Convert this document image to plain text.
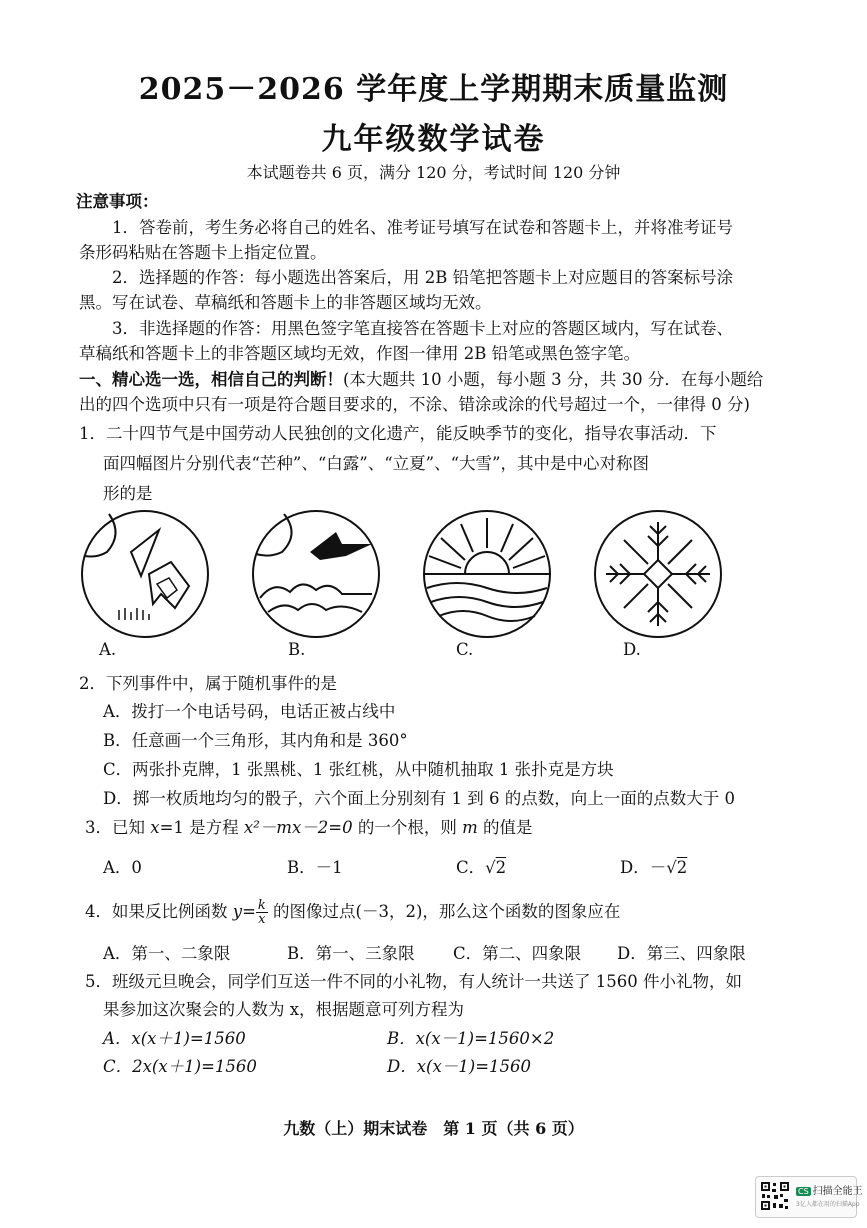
2025－2026 学年度上学期期末质量监测
九年级数学试卷
本试题卷共 6 页，满分 120 分，考试时间 120 分钟
注意事项：
1．答卷前，考生务必将自己的姓名、准考证号填写在试卷和答题卡上，并将准考证号
条形码粘贴在答题卡上指定位置。
2．选择题的作答：每小题选出答案后，用 2B 铅笔把答题卡上对应题目的答案标号涂
黑。写在试卷、草稿纸和答题卡上的非答题区域均无效。
3．非选择题的作答：用黑色签字笔直接答在答题卡上对应的答题区域内，写在试卷、
草稿纸和答题卡上的非答题区域均无效，作图一律用 2B 铅笔或黑色签字笔。
一、精心选一选，相信自己的判断！(本大题共 10 小题，每小题 3 分，共 30 分．在每小题给
出的四个选项中只有一项是符合题目要求的，不涂、错涂或涂的代号超过一个，一律得 0 分)
1．二十四节气是中国劳动人民独创的文化遗产，能反映季节的变化，指导农事活动．下
面四幅图片分别代表“芒种”、“白露”、“立夏”、“大雪”，其中是中心对称图
形的是
A.	B.	C.	D.
2．下列事件中，属于随机事件的是
A．拨打一个电话号码，电话正被占线中
B．任意画一个三角形，其内角和是 360°
C．两张扑克牌，1 张黑桃、1 张红桃，从中随机抽取 1 张扑克是方块
D．掷一枚质地均匀的骰子，六个面上分别刻有 1 到 6 的点数，向上一面的点数大于 0
3．已知 x=1 是方程 x²－mx－2=0 的一个根，则 m 的值是
A．0	B．－1	C．√2	D．－√2
4．如果反比例函数 $y= \frac{k}{x}$ 的图像过点(－3，2)，那么这个函数的图象应在
A．第一、二象限	B．第一、三象限 C．第二、四象限 D．第三、四象限
5．班级元旦晚会，同学们互送一件不同的小礼物，有人统计一共送了 1560 件小礼物，如
果参加这次聚会的人数为 x，根据题意可列方程为
A．x(x＋1)=1560	B．x(x－1)=1560×2
C．2x(x＋1)=1560	D．x(x－1)=1560
九数（上）期末试卷　第 1 页（共 6 页）
CS 扫描全能王
3亿人都在用的扫描App
